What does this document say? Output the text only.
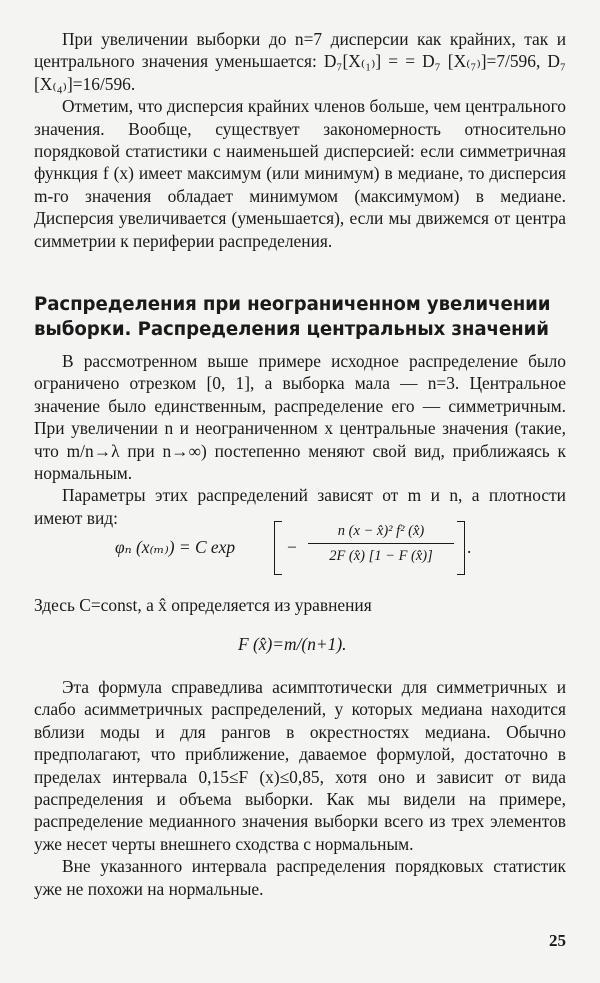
При увеличении выборки до n=7 дисперсии как крайних, так и центрального значения уменьшается: D₇[X₍₁₎] = = D₇ [X₍₇₎]=7/596, D₇ [X₍₄₎]=16/596.

Отметим, что дисперсия крайних членов больше, чем центрального значения. Вообще, существует закономерность относительно порядковой статистики с наименьшей дисперсией: если симметричная функция f (x) имеет максимум (или минимум) в медиане, то дисперсия m-го значения обладает минимумом (максимумом) в медиане. Дисперсия увеличивается (уменьшается), если мы движемся от центра симметрии к периферии распределения.

Распределения при неограниченном увеличении выборки. Распределения центральных значений

В рассмотренном выше примере исходное распределение было ограничено отрезком [0, 1], а выборка мала — n=3. Центральное значение было единственным, распределение его — симметричным. При увеличении n и неограниченном x центральные значения (такие, что m/n→λ при n→∞) постепенно меняют свой вид, приближаясь к нормальным.

Параметры этих распределений зависят от m и n, а плотности имеют вид:

φₙ (x₍ₘ₎) = C exp	−
n (x − x̂)² f² (x̂)
2F (x̂) [1 − F (x̂)]	.
Здесь C=const, а x̂ определяется из уравнения
F (x̂)=m/(n+1).

Эта формула справедлива асимптотически для симметричных и слабо асимметричных распределений, у которых медиана находится вблизи моды и для рангов в окрестностях медиана. Обычно предполагают, что приближение, даваемое формулой, достаточно в пределах интервала 0,15≤F (x)≤0,85, хотя оно и зависит от вида распределения и объема выборки. Как мы видели на примере, распределение медианного значения выборки всего из трех элементов уже несет черты внешнего сходства с нормальным.

Вне указанного интервала распределения порядковых статистик уже не похожи на нормальные.

25
